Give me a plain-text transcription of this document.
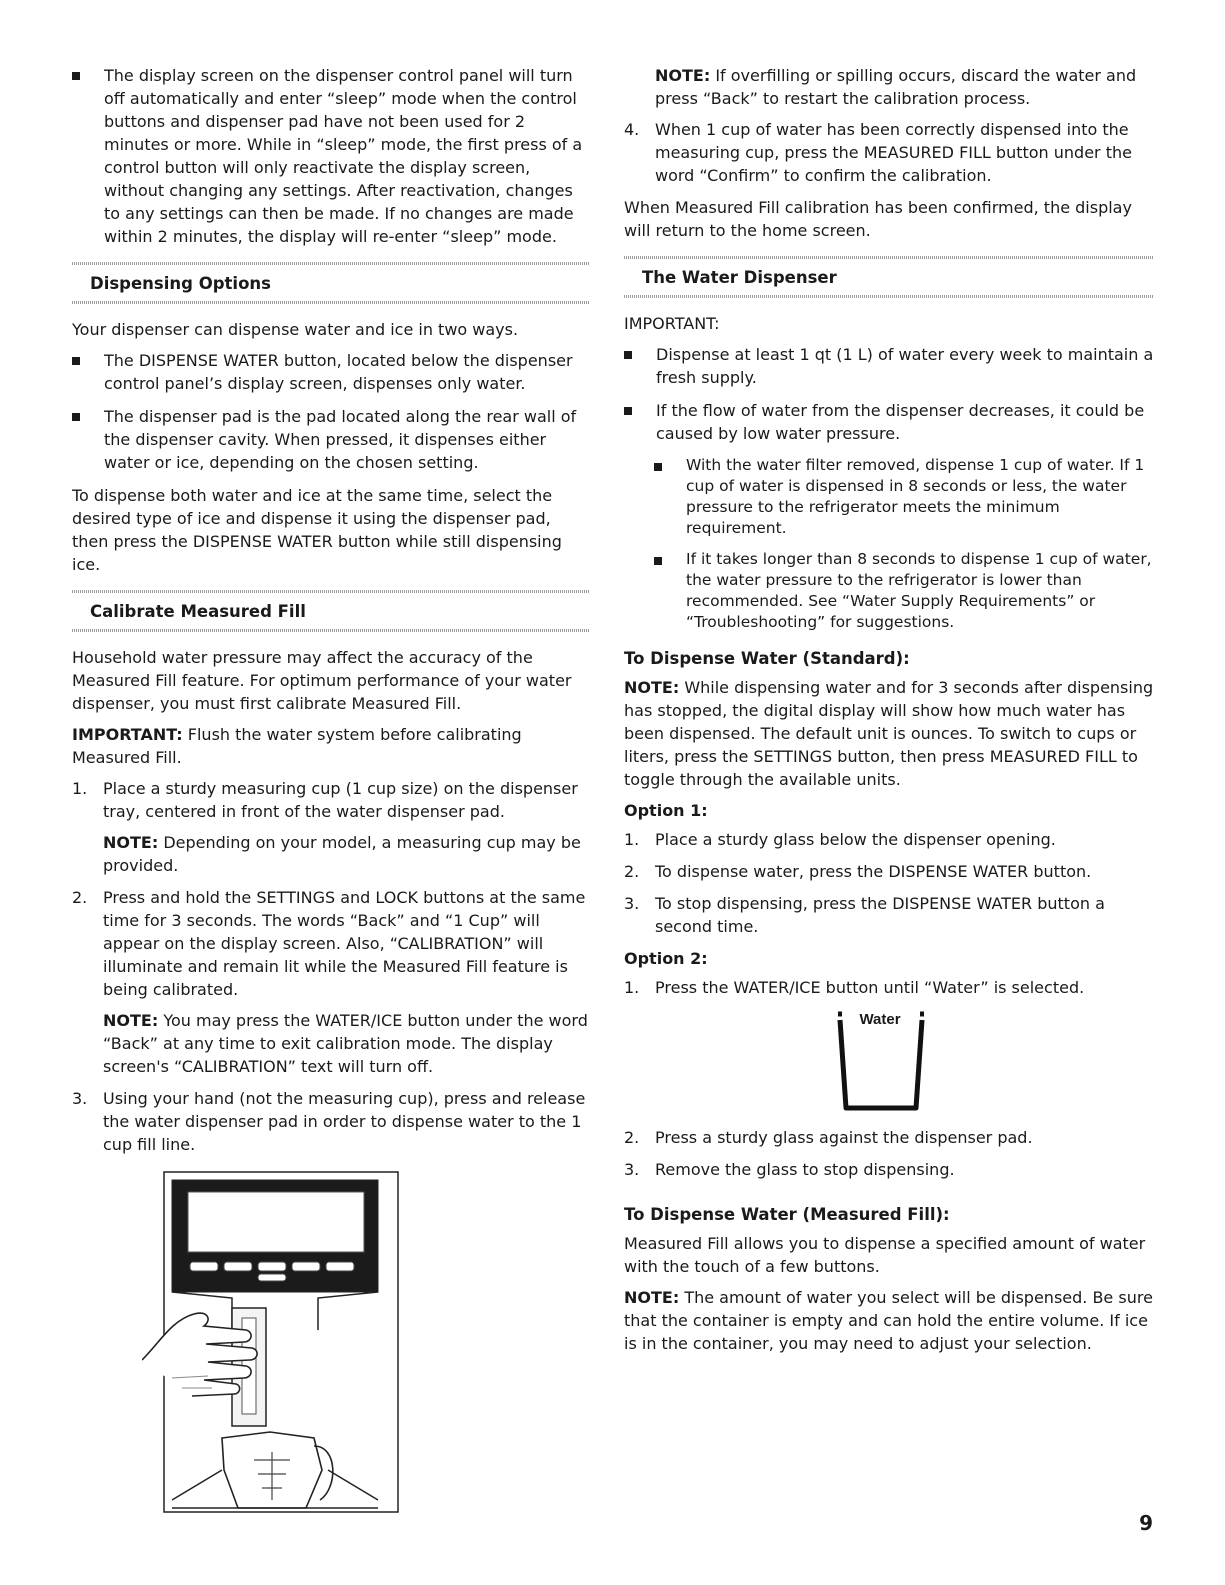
The display screen on the dispenser control panel will turn off automatically and enter “sleep” mode when the control buttons and dispenser pad have not been used for 2 minutes or more. While in “sleep” mode, the first press of a control button will only reactivate the display screen, without changing any settings. After reactivation, changes to any settings can then be made. If no changes are made within 2 minutes, the display will re-enter “sleep” mode.

Dispensing Options

Your dispenser can dispense water and ice in two ways.

The DISPENSE WATER button, located below the dispenser control panel’s display screen, dispenses only water.

The dispenser pad is the pad located along the rear wall of the dispenser cavity. When pressed, it dispenses either water or ice, depending on the chosen setting.

To dispense both water and ice at the same time, select the desired type of ice and dispense it using the dispenser pad, then press the DISPENSE WATER button while still dispensing ice.

Calibrate Measured Fill

Household water pressure may affect the accuracy of the Measured Fill feature. For optimum performance of your water dispenser, you must first calibrate Measured Fill.

IMPORTANT: Flush the water system before calibrating Measured Fill.

1. Place a sturdy measuring cup (1 cup size) on the dispenser tray, centered in front of the water dispenser pad.

NOTE: Depending on your model, a measuring cup may be provided.

2. Press and hold the SETTINGS and LOCK buttons at the same time for 3 seconds. The words “Back” and “1 Cup” will appear on the display screen. Also, “CALIBRATION” will illuminate and remain lit while the Measured Fill feature is being calibrated.

NOTE: You may press the WATER/ICE button under the word “Back” at any time to exit calibration mode. The display screen's “CALIBRATION” text will turn off.

3. Using your hand (not the measuring cup), press and release the water dispenser pad in order to dispense water to the 1 cup fill line.

NOTE: If overfilling or spilling occurs, discard the water and press “Back” to restart the calibration process.

4. When 1 cup of water has been correctly dispensed into the measuring cup, press the MEASURED FILL button under the word “Confirm” to confirm the calibration.

When Measured Fill calibration has been confirmed, the display will return to the home screen.

The Water Dispenser

IMPORTANT:

Dispense at least 1 qt (1 L) of water every week to maintain a fresh supply.

If the flow of water from the dispenser decreases, it could be caused by low water pressure.

With the water filter removed, dispense 1 cup of water. If 1 cup of water is dispensed in 8 seconds or less, the water pressure to the refrigerator meets the minimum requirement.

If it takes longer than 8 seconds to dispense 1 cup of water, the water pressure to the refrigerator is lower than recommended. See “Water Supply Requirements” or “Troubleshooting” for suggestions.

To Dispense Water (Standard):

NOTE: While dispensing water and for 3 seconds after dispensing has stopped, the digital display will show how much water has been dispensed. The default unit is ounces. To switch to cups or liters, press the SETTINGS button, then press MEASURED FILL to toggle through the available units.

Option 1:
1. Place a sturdy glass below the dispenser opening.
2. To dispense water, press the DISPENSE WATER button.
3. To stop dispensing, press the DISPENSE WATER button a second time.
Option 2:
1. Press the WATER/ICE button until “Water” is selected.
Water
2. Press a sturdy glass against the dispenser pad.
3. Remove the glass to stop dispensing.
To Dispense Water (Measured Fill):

Measured Fill allows you to dispense a specified amount of water with the touch of a few buttons.

NOTE: The amount of water you select will be dispensed. Be sure that the container is empty and can hold the entire volume. If ice is in the container, you may need to adjust your selection.

9
